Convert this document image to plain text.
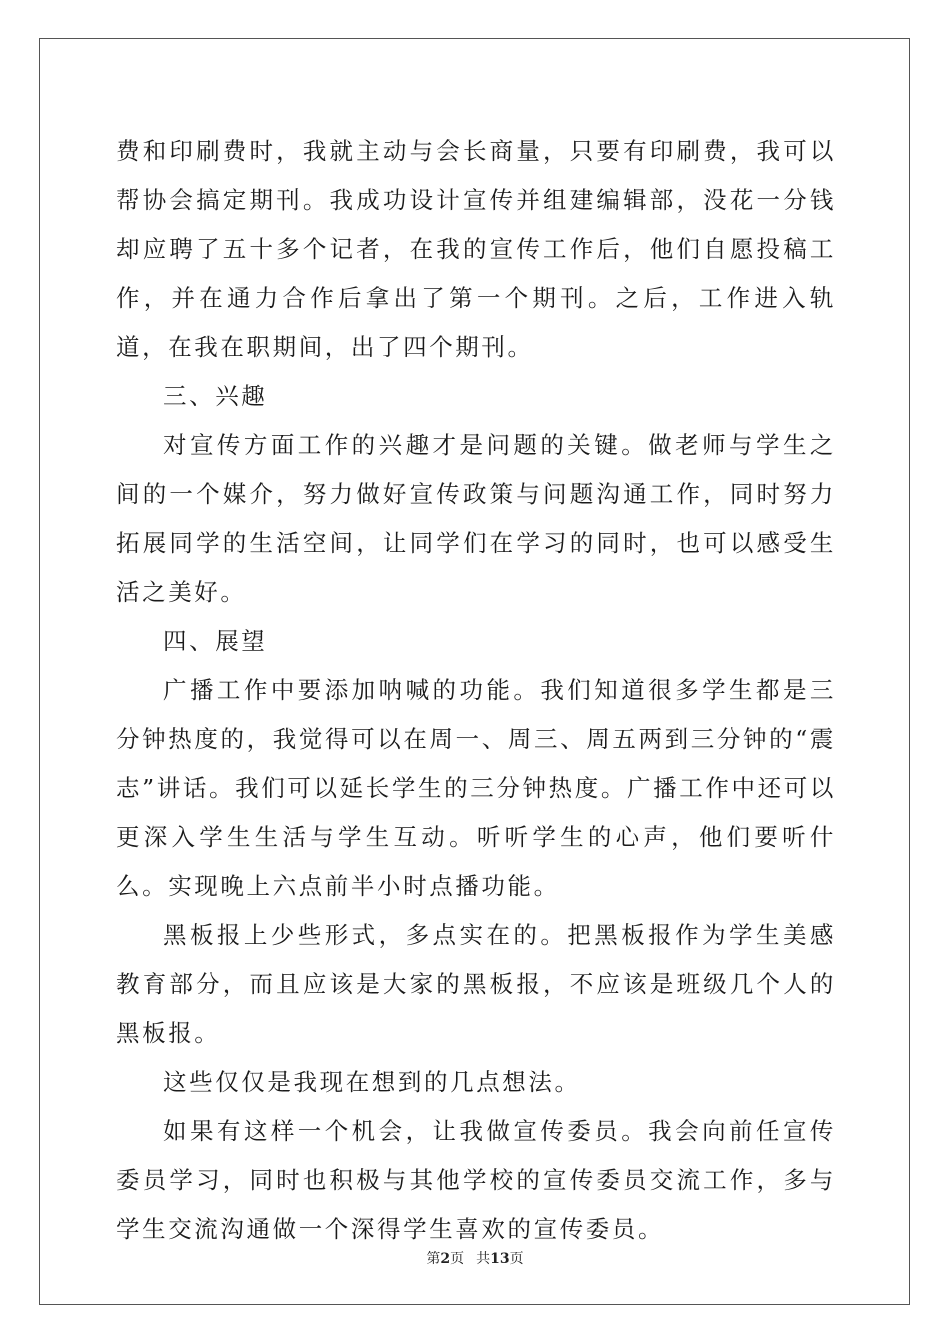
费和印刷费时，我就主动与会长商量，只要有印刷费，我可以帮协会搞定期刊。我成功设计宣传并组建编辑部，没花一分钱却应聘了五十多个记者，在我的宣传工作后，他们自愿投稿工作，并在通力合作后拿出了第一个期刊。之后，工作进入轨道，在我在职期间，出了四个期刊。

三、兴趣

对宣传方面工作的兴趣才是问题的关键。做老师与学生之间的一个媒介，努力做好宣传政策与问题沟通工作，同时努力拓展同学的生活空间，让同学们在学习的同时，也可以感受生活之美好。

四、展望

广播工作中要添加呐喊的功能。我们知道很多学生都是三分钟热度的，我觉得可以在周一、周三、周五两到三分钟的“震志”讲话。我们可以延长学生的三分钟热度。广播工作中还可以更深入学生生活与学生互动。听听学生的心声，他们要听什么。实现晚上六点前半小时点播功能。

黑板报上少些形式，多点实在的。把黑板报作为学生美感教育部分，而且应该是大家的黑板报，不应该是班级几个人的黑板报。

这些仅仅是我现在想到的几点想法。

如果有这样一个机会，让我做宣传委员。我会向前任宣传委员学习，同时也积极与其他学校的宣传委员交流工作，多与学生交流沟通做一个深得学生喜欢的宣传委员。

第2页 共13页
